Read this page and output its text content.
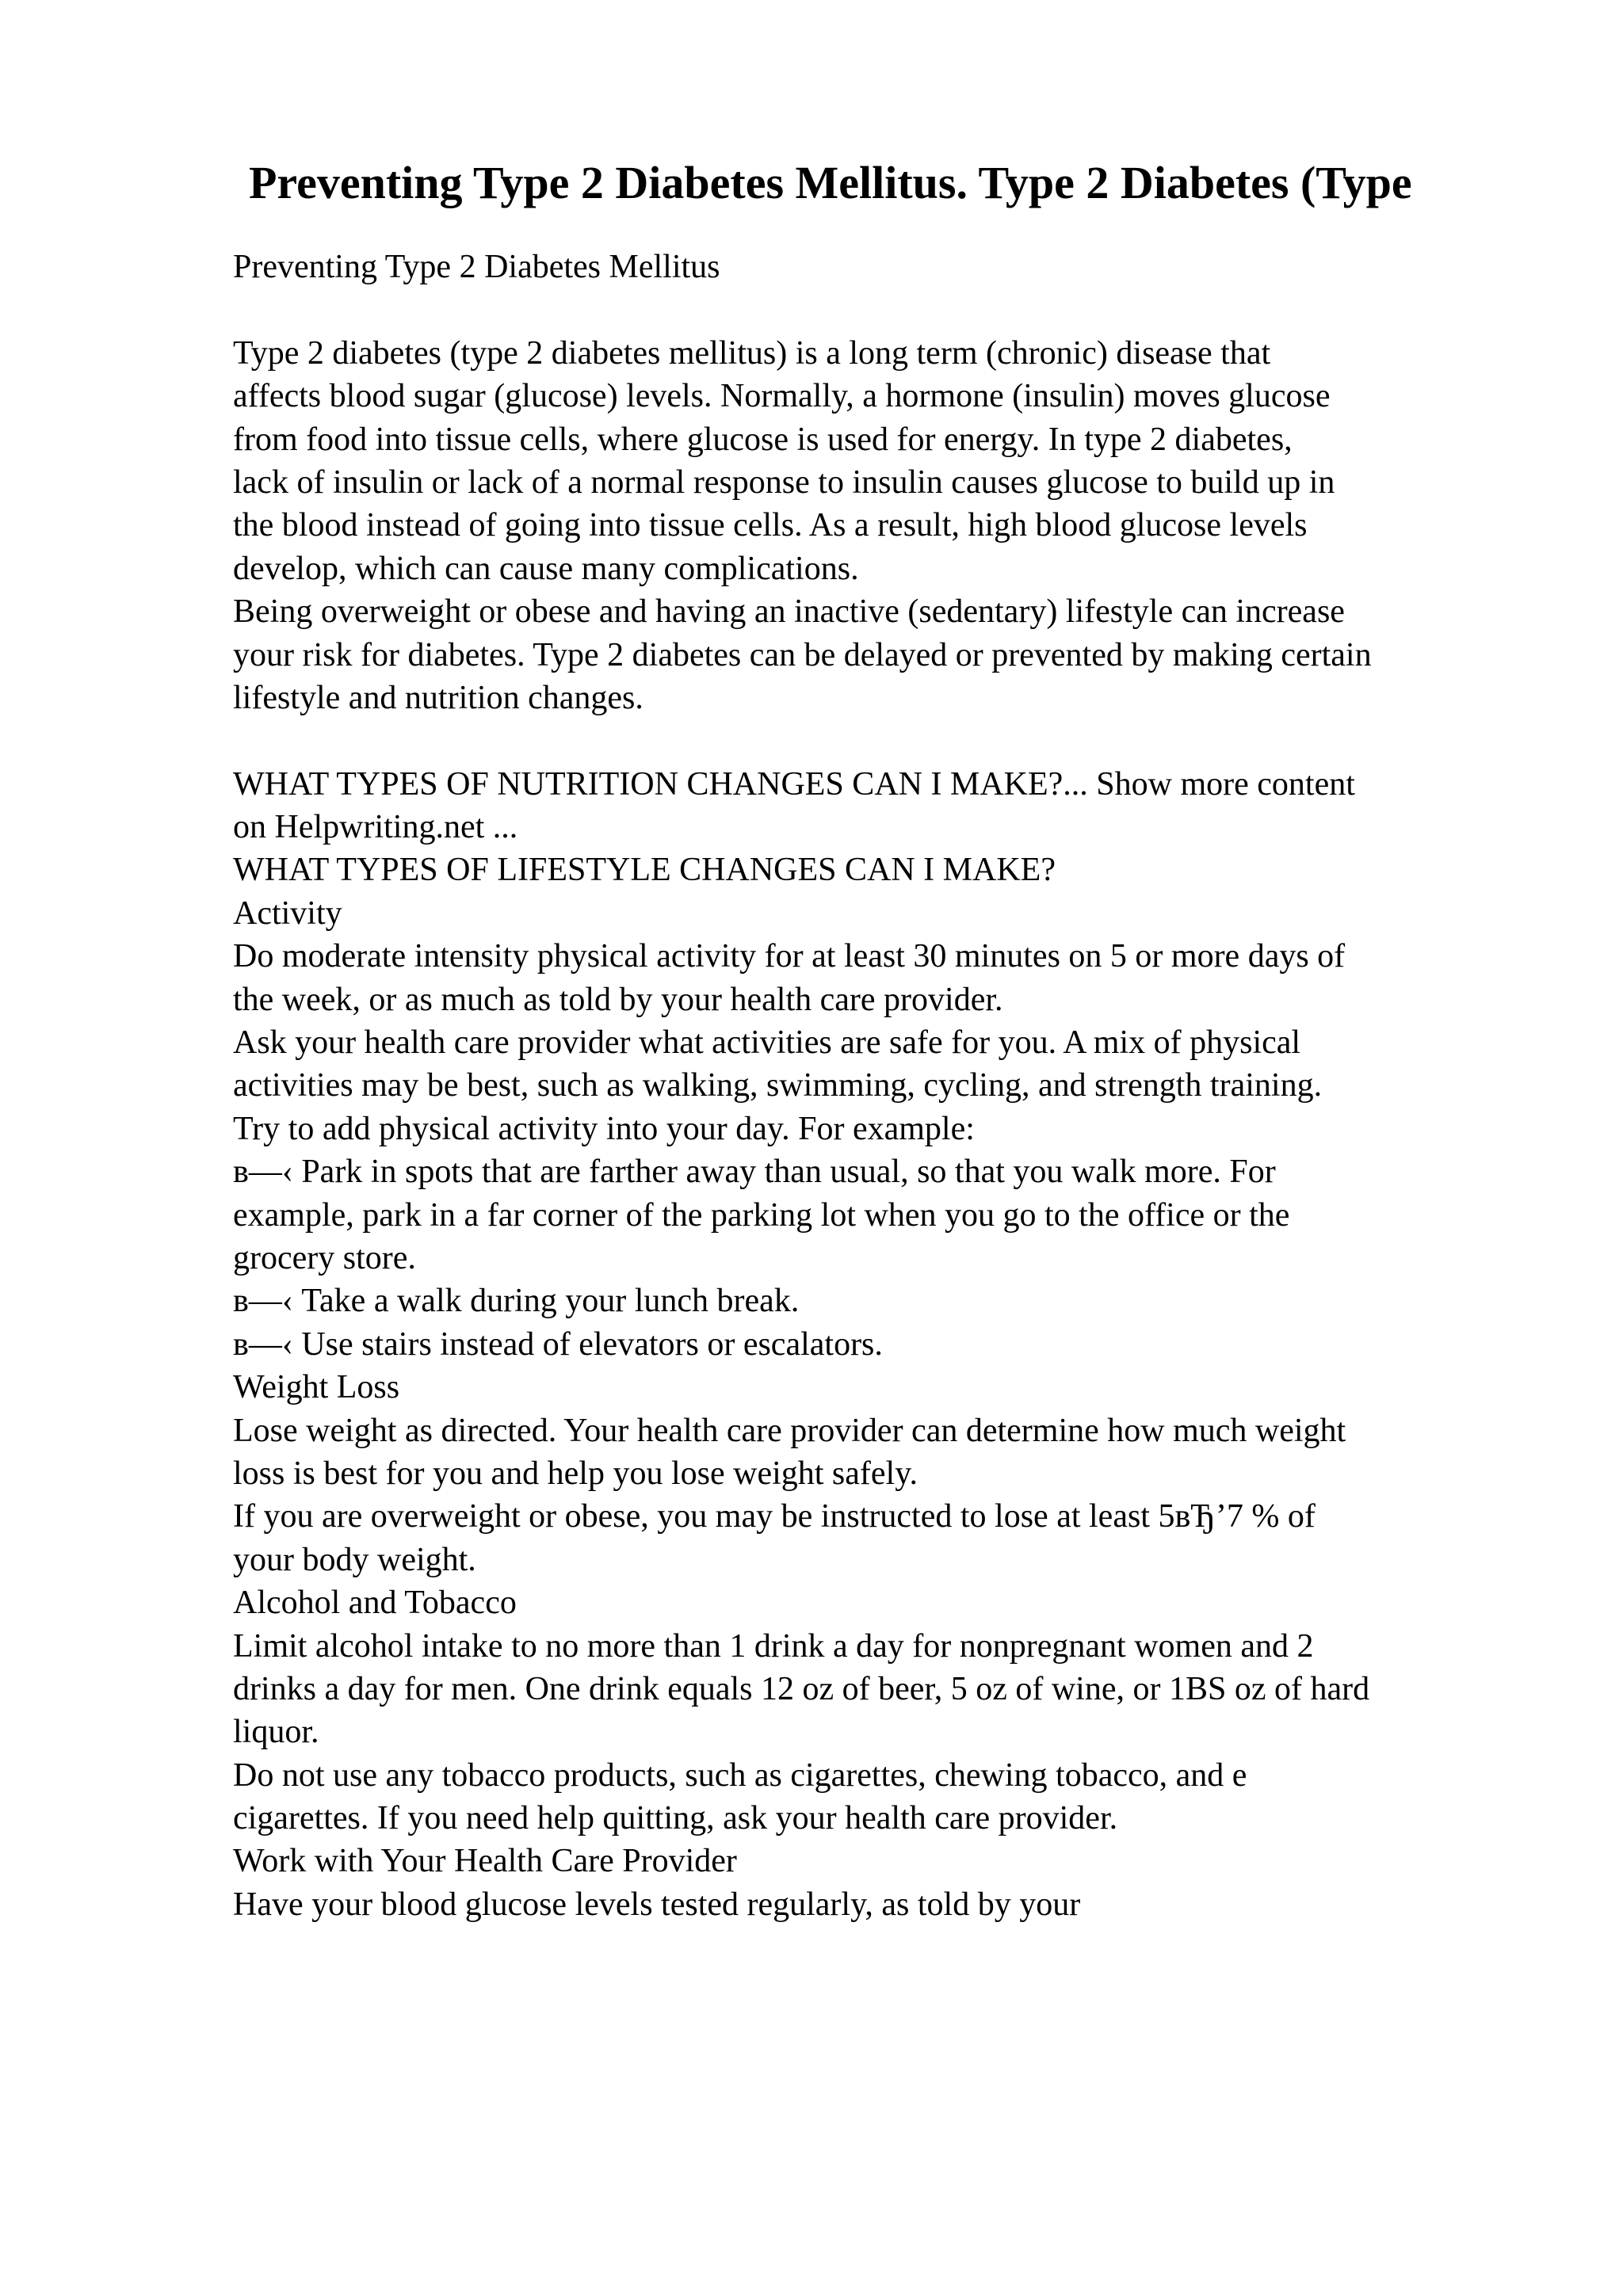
Preventing Type 2 Diabetes Mellitus. Type 2 Diabetes (Type
Preventing Type 2 Diabetes Mellitus
Type 2 diabetes (type 2 diabetes mellitus) is a long term (chronic) disease that
affects blood sugar (glucose) levels. Normally, a hormone (insulin) moves glucose
from food into tissue cells, where glucose is used for energy. In type 2 diabetes,
lack of insulin or lack of a normal response to insulin causes glucose to build up in
the blood instead of going into tissue cells. As a result, high blood glucose levels
develop, which can cause many complications.
Being overweight or obese and having an inactive (sedentary) lifestyle can increase
your risk for diabetes. Type 2 diabetes can be delayed or prevented by making certain
lifestyle and nutrition changes.
WHAT TYPES OF NUTRITION CHANGES CAN I MAKE?... Show more content
on Helpwriting.net ...
WHAT TYPES OF LIFESTYLE CHANGES CAN I MAKE?
Activity
Do moderate intensity physical activity for at least 30 minutes on 5 or more days of
the week, or as much as told by your health care provider.
Ask your health care provider what activities are safe for you. A mix of physical
activities may be best, such as walking, swimming, cycling, and strength training.
Try to add physical activity into your day. For example:
в—‹ Park in spots that are farther away than usual, so that you walk more. For
example, park in a far corner of the parking lot when you go to the office or the
grocery store.
в—‹ Take a walk during your lunch break.
в—‹ Use stairs instead of elevators or escalators.
Weight Loss
Lose weight as directed. Your health care provider can determine how much weight
loss is best for you and help you lose weight safely.
If you are overweight or obese, you may be instructed to lose at least 5вЂ’7 % of
your body weight.
Alcohol and Tobacco
Limit alcohol intake to no more than 1 drink a day for nonpregnant women and 2
drinks a day for men. One drink equals 12 oz of beer, 5 oz of wine, or 1BS oz of hard
liquor.
Do not use any tobacco products, such as cigarettes, chewing tobacco, and e
cigarettes. If you need help quitting, ask your health care provider.
Work with Your Health Care Provider
Have your blood glucose levels tested regularly, as told by your
